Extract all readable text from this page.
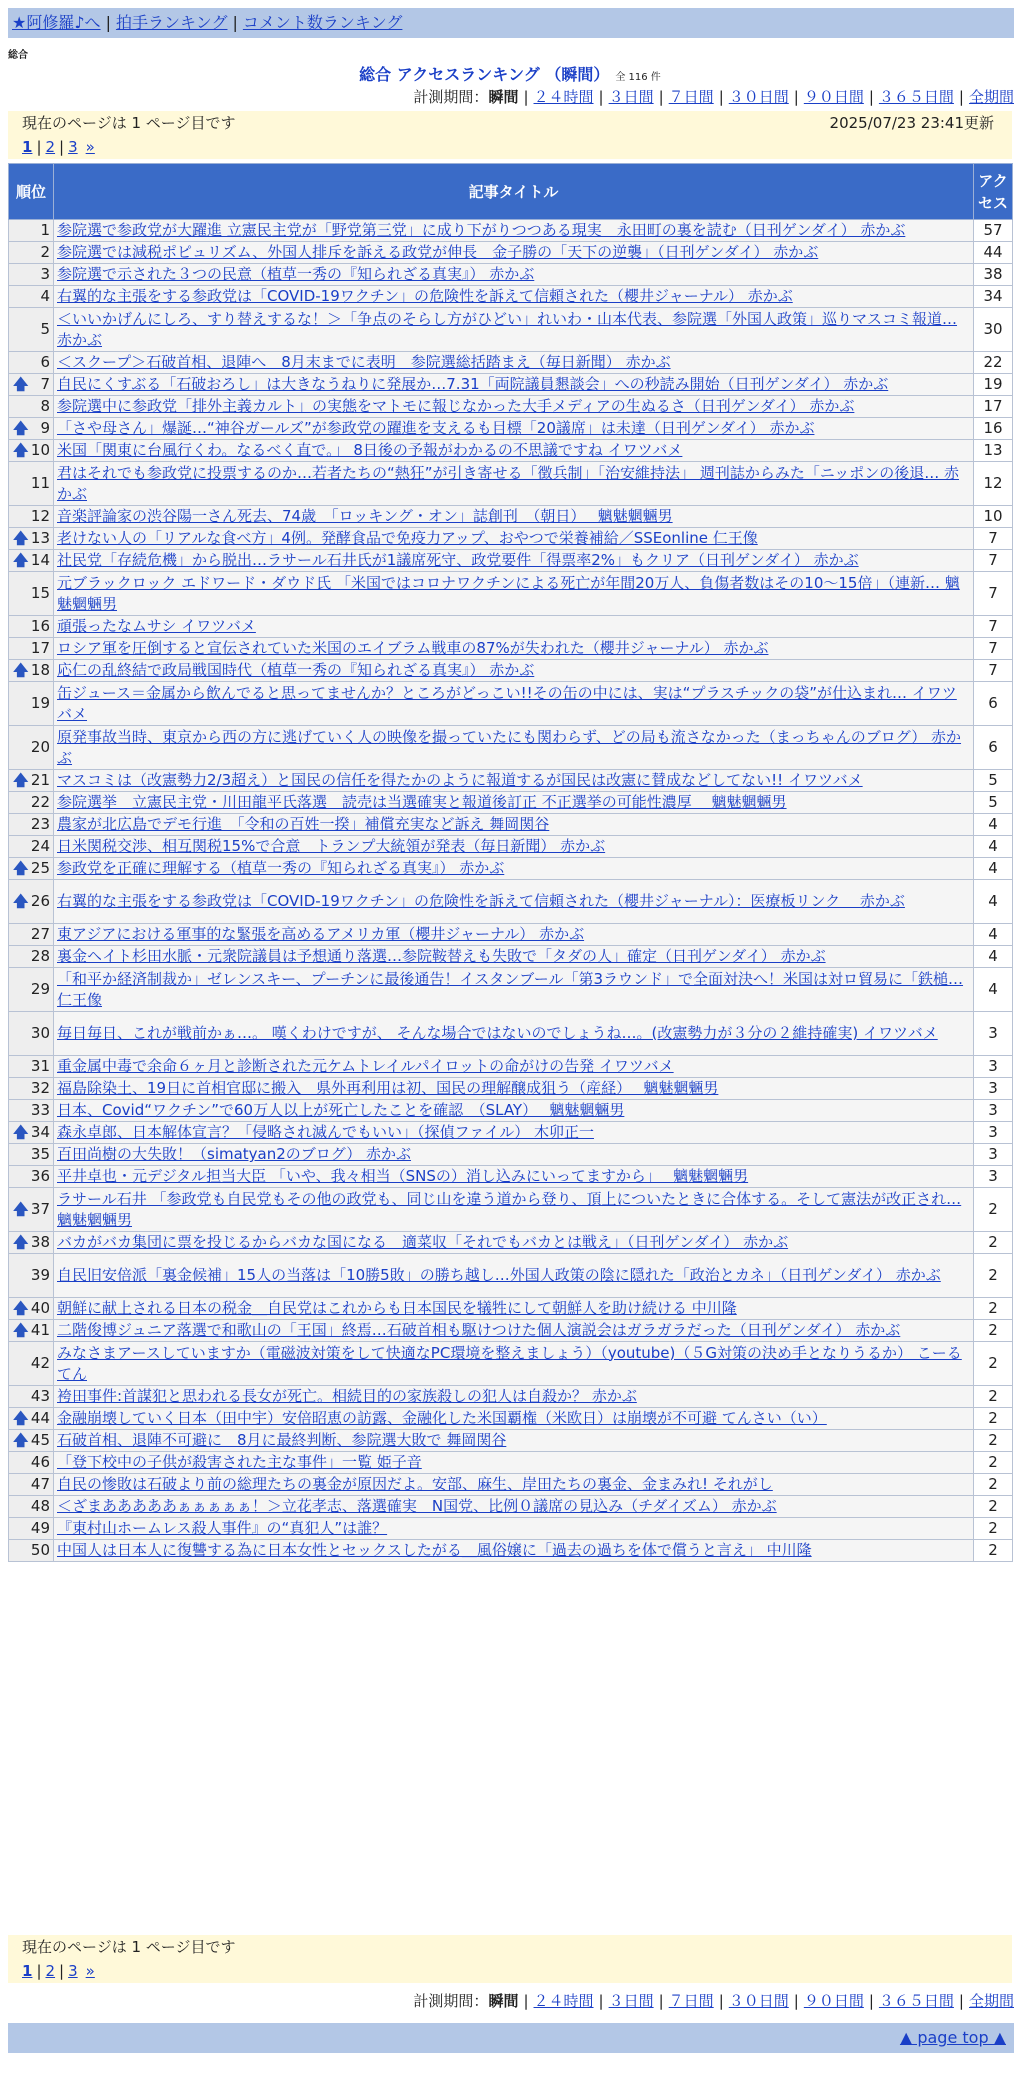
★阿修羅♪へ | 拍手ランキング | コメント数ランキング
総合
総合 アクセスランキング （瞬間） 全 116 件
計測期間：瞬間 | ２４時間 | ３日間 | ７日間 | ３０日間 | ９０日間 | ３６５日間 | 全期間
現在のページは 1 ページ目です	2025/07/23 23:41更新
1 | 2 | 3 »
順位	記事タイトル	アクセス
1	参院選で参政党が大躍進 立憲民主党が「野党第三党」に成り下がりつつある現実　永田町の裏を読む（日刊ゲンダイ） 赤かぶ	57
2	参院選では減税ポピュリズム、外国人排斥を訴える政党が伸長　金子勝の「天下の逆襲」（日刊ゲンダイ） 赤かぶ	44
3	参院選で示された３つの民意（植草一秀の『知られざる真実』） 赤かぶ	38
4	右翼的な主張をする参政党は「COVID-19ワクチン」の危険性を訴えて信頼された（櫻井ジャーナル） 赤かぶ	34
5	＜いいかげんにしろ、すり替えするな！＞「争点のそらし方がひどい」れいわ・山本代表、参院選「外国人政策」巡りマスコミ報道… 赤かぶ	30
6	＜スクープ＞石破首相、退陣へ　8月末までに表明　参院選総括踏まえ（毎日新聞） 赤かぶ	22

🡅 7	自民にくすぶる「石破おろし」は大きなうねりに発展か…7.31「両院議員懇談会」への秒読み開始（日刊ゲンダイ） 赤かぶ	19
8	参院選中に参政党「排外主義カルト」の実態をマトモに報じなかった大手メディアの生ぬるさ（日刊ゲンダイ） 赤かぶ	17

🡅 9	「さや母さん」爆誕…“神谷ガールズ”が参政党の躍進を支えるも目標「20議席」は未達（日刊ゲンダイ） 赤かぶ	16

🡅 10	米国「関東に台風行くわ。なるべく直で。」 8日後の予報がわかるの不思議ですね イワツバメ	13
11	君はそれでも参政党に投票するのか…若者たちの“熱狂”が引き寄せる「徴兵制」「治安維持法」 週刊誌からみた「ニッポンの後退… 赤かぶ	12
12	音楽評論家の渋谷陽一さん死去、74歳　「ロッキング・オン」誌創刊　（朝日）　 魑魅魍魎男	10

🡅 13	老けない人の「リアルな食べ方」4例。発酵食品で免疫力アップ、おやつで栄養補給／SSEonline 仁王像	7

🡅 14	社民党「存続危機」から脱出…ラサール石井氏が1議席死守、政党要件「得票率2%」もクリア（日刊ゲンダイ） 赤かぶ	7
15	元ブラックロック エドワード・ダウド氏 「米国ではコロナワクチンによる死亡が年間20万人、負傷者数はその10～15倍」（連新… 魑魅魍魎男	7
16	頑張ったなムサシ イワツバメ	7
17	ロシア軍を圧倒すると宣伝されていた米国のエイブラム戦車の87%が失われた（櫻井ジャーナル） 赤かぶ	7

🡅 18	応仁の乱終結で政局戦国時代（植草一秀の『知られざる真実』） 赤かぶ	7
19	缶ジュース＝金属から飲んでると思ってませんか？ところがどっこい!!その缶の中には、実は“プラスチックの袋”が仕込まれ… イワツバメ	6
20	原発事故当時、東京から西の方に逃げていく人の映像を撮っていたにも関わらず、どの局も流さなかった（まっちゃんのブログ） 赤かぶ	6

🡅 21	マスコミは（改憲勢力2/3超え）と国民の信任を得たかのように報道するが国民は改憲に賛成などしてない!! イワツバメ	5
22	参院選挙　立憲民主党・川田龍平氏落選　読売は当選確実と報道後訂正 不正選挙の可能性濃厚　 魑魅魍魎男	5
23	農家が北広島でデモ行進　「令和の百姓一揆」補償充実など訴え 舞岡関谷	4
24	日米関税交渉、相互関税15%で合意　トランプ大統領が発表（毎日新聞） 赤かぶ	4

🡅 25	参政党を正確に理解する（植草一秀の『知られざる真実』） 赤かぶ	4

🡅 26	右翼的な主張をする参政党は「COVID-19ワクチン」の危険性を訴えて信頼された（櫻井ジャーナル）：医療板リンク　 赤かぶ	4
27	東アジアにおける軍事的な緊張を高めるアメリカ軍（櫻井ジャーナル） 赤かぶ	4
28	裏金ヘイト杉田水脈・元衆院議員は予想通り落選…参院鞍替えも失敗で「タダの人」確定（日刊ゲンダイ） 赤かぶ	4
29	「和平か経済制裁か」ゼレンスキー、プーチンに最後通告！イスタンブール「第3ラウンド」で全面対決へ！米国は対ロ貿易に「鉄槌… 仁王像	4
30	毎日毎日、これが戦前かぁ…。 嘆くわけですが、 そんな場合ではないのでしょうね…。(改憲勢力が３分の２維持確実) イワツバメ	3
31	重金属中毒で余命６ヶ月と診断された元ケムトレイルパイロットの命がけの告発 イワツバメ	3
32	福島除染土、19日に首相官邸に搬入　県外再利用は初、国民の理解醸成狙う（産経）　 魑魅魍魎男	3
33	日本、Covid“ワクチン”で60万人以上が死亡したことを確認　（SLAY）　 魑魅魍魎男	3

🡅 34	森永卓郎、日本解体宣言？「侵略され滅んでもいい」（探偵ファイル） 木卯正一	3
35	百田尚樹の大失敗！（simatyan2のブログ） 赤かぶ	3
36	平井卓也・元デジタル担当大臣 「いや、我々相当（SNSの）消し込みにいってますから」　 魑魅魍魎男	3

🡅 37	ラサール石井 「参政党も自民党もその他の政党も、同じ山を違う道から登り、頂上についたときに合体する。そして憲法が改正され… 魑魅魍魎男	2

🡅 38	バカがバカ集団に票を投じるからバカな国になる　適菜収「それでもバカとは戦え」（日刊ゲンダイ） 赤かぶ	2
39	自民旧安倍派「裏金候補」15人の当落は「10勝5敗」の勝ち越し…外国人政策の陰に隠れた「政治とカネ」（日刊ゲンダイ） 赤かぶ	2

🡅 40	朝鮮に献上される日本の税金＿自民党はこれからも日本国民を犠牲にして朝鮮人を助け続ける 中川隆	2

🡅 41	二階俊博ジュニア落選で和歌山の「王国」終焉…石破首相も駆けつけた個人演説会はガラガラだった（日刊ゲンダイ） 赤かぶ	2
42	みなさまアースしていますか（電磁波対策をして快適なPC環境を整えましょう）（youtube)（５G対策の決め手となりうるか） こーるてん	2
43	袴田事件:首謀犯と思われる長女が死亡。相続目的の家族殺しの犯人は自殺か？ 赤かぶ	2

🡅 44	金融崩壊していく日本（田中宇）安倍昭恵の訪露、金融化した米国覇権（米欧日）は崩壊が不可避 てんさい（い）	2

🡅 45	石破首相、退陣不可避に　8月に最終判断、参院選大敗で 舞岡関谷	2
46	「登下校中の子供が殺害された主な事件」一覧 姫子音	2
47	自民の惨敗は石破より前の総理たちの裏金が原因だよ。安部、麻生、岸田たちの裏金、金まみれ! それがし	2
48	＜ざまあああああぁぁぁぁぁ！＞立花孝志、落選確実　N国党、比例０議席の見込み（チダイズム） 赤かぶ	2
49	『東村山ホームレス殺人事件』の“真犯人”は誰？	2
50	中国人は日本人に復讐する為に日本女性とセックスしたがる＿風俗嬢に「過去の過ちを体で償うと言え」 中川隆	2
計測期間：瞬間 | ２４時間 | ３日間 | ７日間 | ３０日間 | ９０日間 | ３６５日間 | 全期間
現在のページは 1 ページ目です
1 | 2 | 3 »
▲ page top ▲
